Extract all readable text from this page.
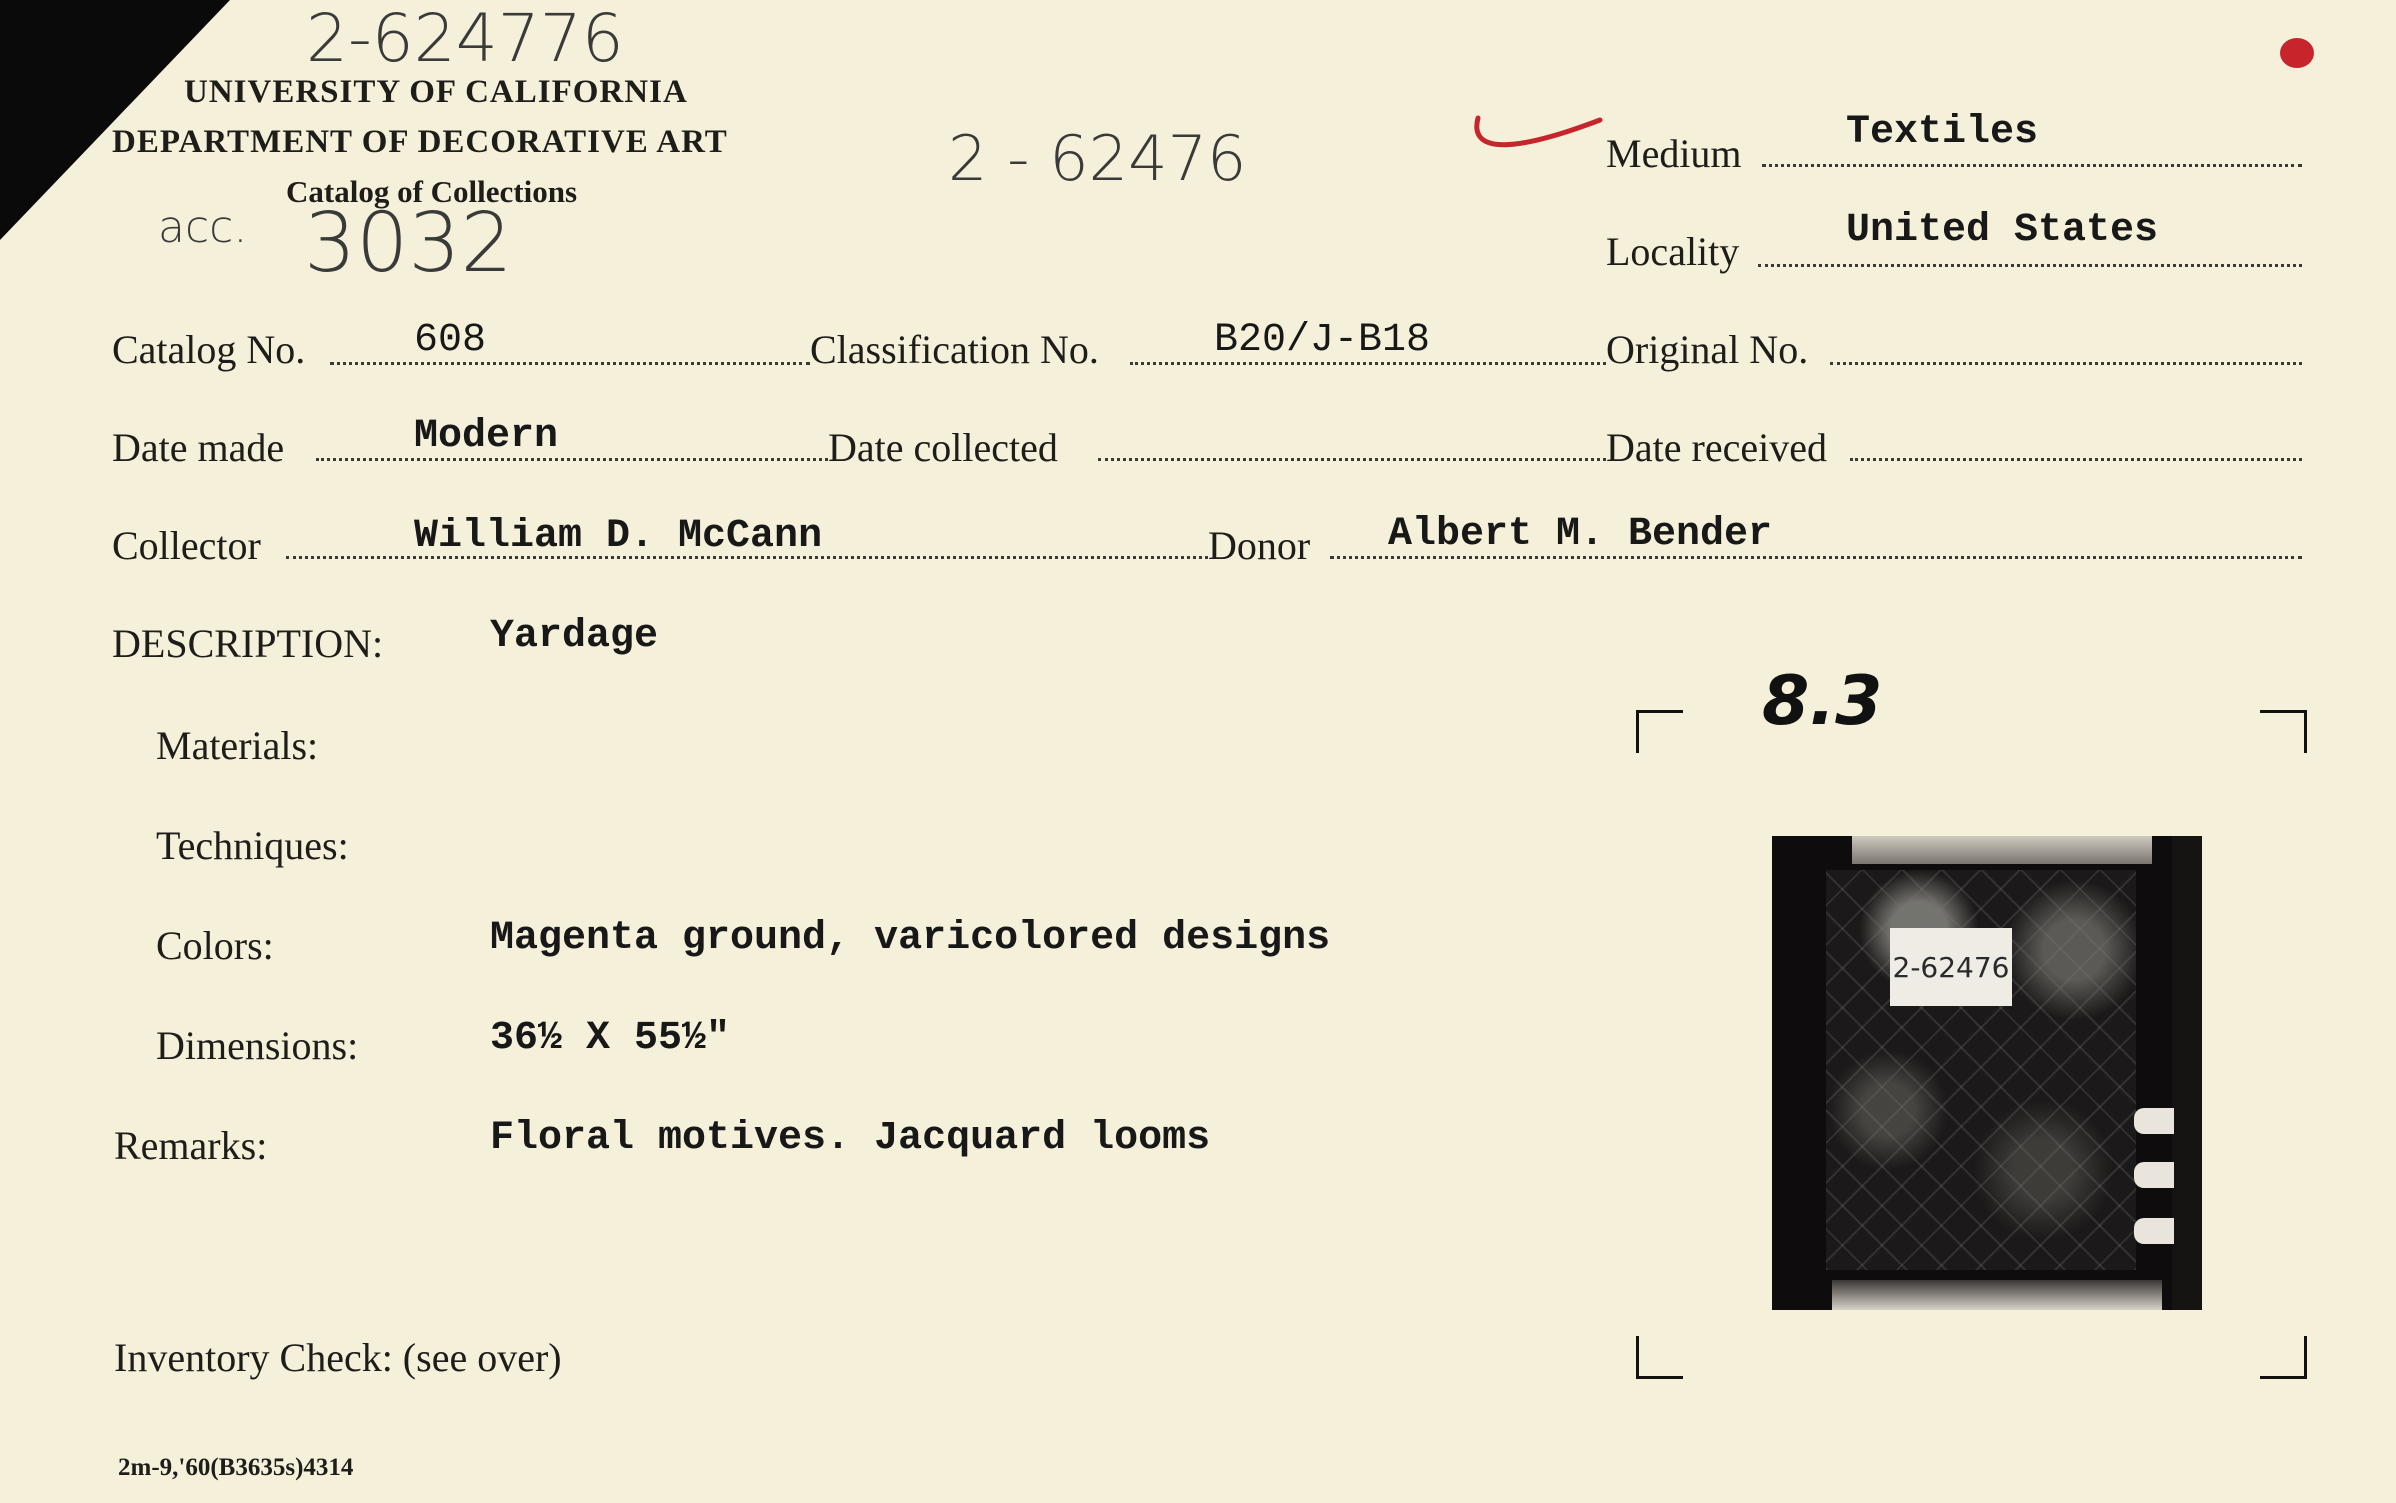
2-624776
2 - 62476
acc. 3032
UNIVERSITY OF CALIFORNIA
DEPARTMENT OF DECORATIVE ART
Catalog of Collections
Medium	Textiles
Locality	United States
Catalog No.	608	Classification No.	B20/J-B18	Original No.
Date made	Modern	Date collected	Date received
Collector	William D. McCann	Donor Albert M. Bender
DESCRIPTION:	Yardage
Materials:
Techniques:
Colors:	Magenta ground, varicolored designs
Dimensions:	36½ X 55½"
Remarks:	Floral motives. Jacquard looms
8.3
2-62476
Inventory Check: (see over)
2m-9,'60(B3635s)4314
